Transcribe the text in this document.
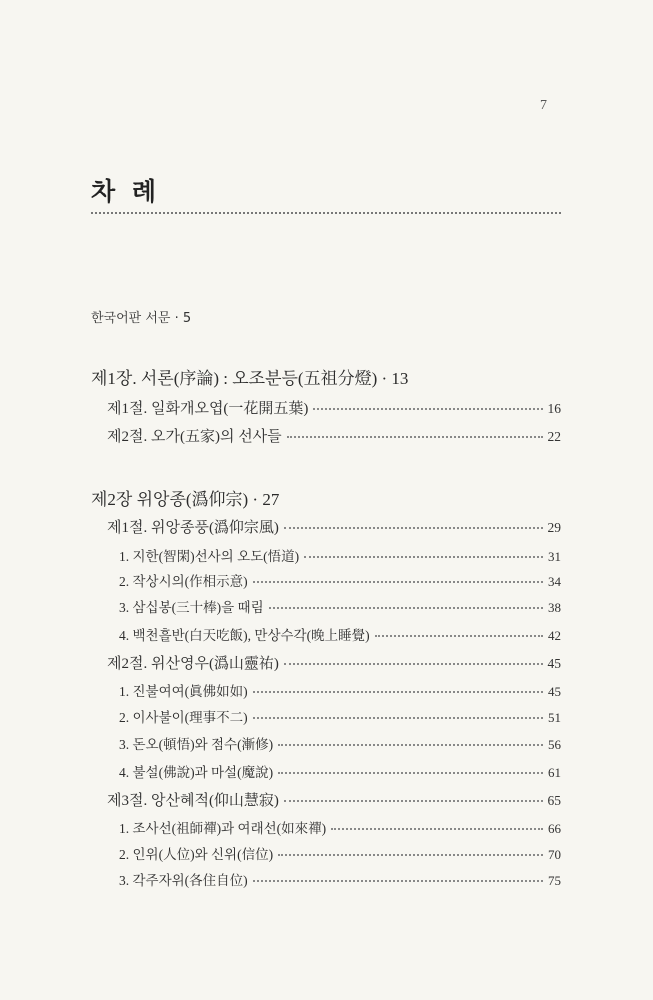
7
차 례
한국어판 서문 · 5
제1장. 서론(序論) : 오조분등(五祖分燈) · 13
제1절. 일화개오엽(一花開五葉)	16
제2절. 오가(五家)의 선사들	22
제2장 위앙종(潙仰宗) · 27
제1절. 위앙종풍(潙仰宗風)	29
1. 지한(智閑)선사의 오도(悟道)	31
2. 작상시의(作相示意)	34
3. 삼십봉(三十棒)을 때림	38
4. 백천흘반(白天吃飯), 만상수각(晚上睡覺)	42
제2절. 위산영우(潙山靈祐)	45
1. 진불여여(眞佛如如)	45
2. 이사불이(理事不二)	51
3. 돈오(頓悟)와 점수(漸修)	56
4. 불설(佛說)과 마설(魔說)	61
제3절. 앙산혜적(仰山慧寂)	65
1. 조사선(祖師禪)과 여래선(如來禪)	66
2. 인위(人位)와 신위(信位)	70
3. 각주자위(各住自位)	75
